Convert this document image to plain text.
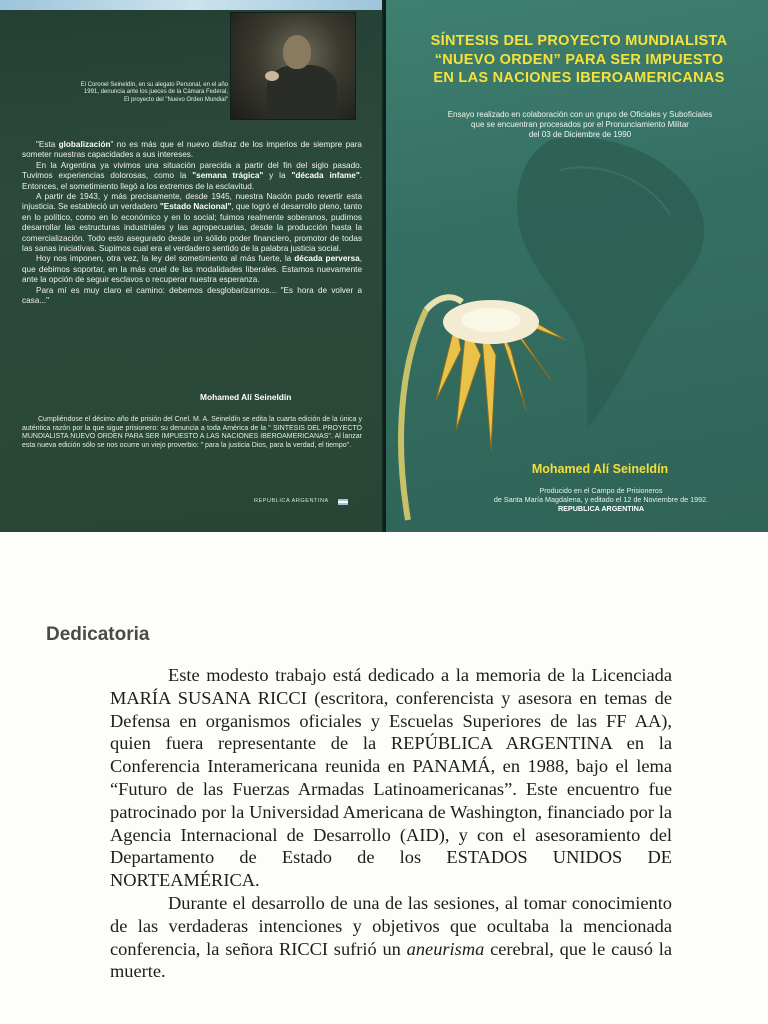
El Coronel Seineldín, en su alegato Personal, en el año 1991, denuncia ante los jueces de la Cámara Federal, El proyecto del "Nuevo Orden Mundial"

"Esta globalización" no es más que el nuevo disfraz de los imperios de siempre para someter nuestras capacidades a sus intereses.

En la Argentina ya vivimos una situación parecida a partir del fin del siglo pasado. Tuvimos experiencias dolorosas, como la "semana trágica" y la "década infame". Entonces, el sometimiento llegó a los extremos de la esclavitud.

A partir de 1943, y más precisamente, desde 1945, nuestra Nación pudo revertir esta injusticia. Se estableció un verdadero "Estado Nacional", que logró el desarrollo pleno, tanto en lo político, como en lo económico y en lo social; fuimos realmente soberanos, pudimos desarrollar las estructuras industriales y las agropecuarias, desde la producción hasta la comercialización. Todo esto asegurado desde un sólido poder financiero, promotor de todas las sanas iniciativas. Supimos cual era el verdadero sentido de la palabra justicia social.

Hoy nos imponen, otra vez, la ley del sometimiento al más fuerte, la década perversa, que debimos soportar, en la más cruel de las modalidades liberales. Estamos nuevamente ante la opción de seguir esclavos o recuperar nuestra esperanza.

Para mí es muy claro el camino: debemos desglobarizarnos... "Es hora de volver a casa..."

Mohamed Alí Seineldín

Cumpliéndose el décimo año de prisión del Cnel. M. A. Seineldín se edita la cuarta edición de la única y auténtica razón por la que sigue prisionero: su denuncia a toda América de la " SINTESIS DEL PROYECTO MUNDIALISTA NUEVO ORDEN PARA SER IMPUESTO A LAS NACIONES IBEROAMERICANAS". Al lanzar esta nueva edición sólo se nos ocurre un viejo proverbio: " para la justicia Dios, para la verdad, el tiempo".

REPUBLICA ARGENTINA
SÍNTESIS DEL PROYECTO MUNDIALISTA
“NUEVO ORDEN” PARA SER IMPUESTO
EN LAS NACIONES IBEROAMERICANAS
Ensayo realizado en colaboración con un grupo de Oficiales y Suboficiales
que se encuentran procesados por el Pronunciamiento Militar
del 03 de Diciembre de 1990
Mohamed Alí Seineldín
Producido en el Campo de Prisioneros
de Santa María Magdalena, y editado el 12 de Noviembre de 1992.
REPUBLICA ARGENTINA
Dedicatoria

Este modesto trabajo está dedicado a la memoria de la Licenciada MARÍA SUSANA RICCI (escritora, conferencista y asesora en temas de Defensa en organismos oficiales y Escuelas Superiores de las FF AA), quien fuera representante de la REPÚBLICA ARGENTINA en la Conferencia Interamericana reunida en PANAMÁ, en 1988, bajo el lema “Futuro de las Fuerzas Armadas Latinoamericanas”. Este encuentro fue patrocinado por la Universidad Americana de Washington, financiado por la Agencia Internacional de Desarrollo (AID), y con el asesoramiento del Departamento de Estado de los ESTADOS UNIDOS DE NORTEAMÉRICA.

Durante el desarrollo de una de las sesiones, al tomar conocimiento de las verdaderas intenciones y objetivos que ocultaba la mencionada conferencia, la señora RICCI sufrió un aneurisma cerebral, que le causó la muerte.
